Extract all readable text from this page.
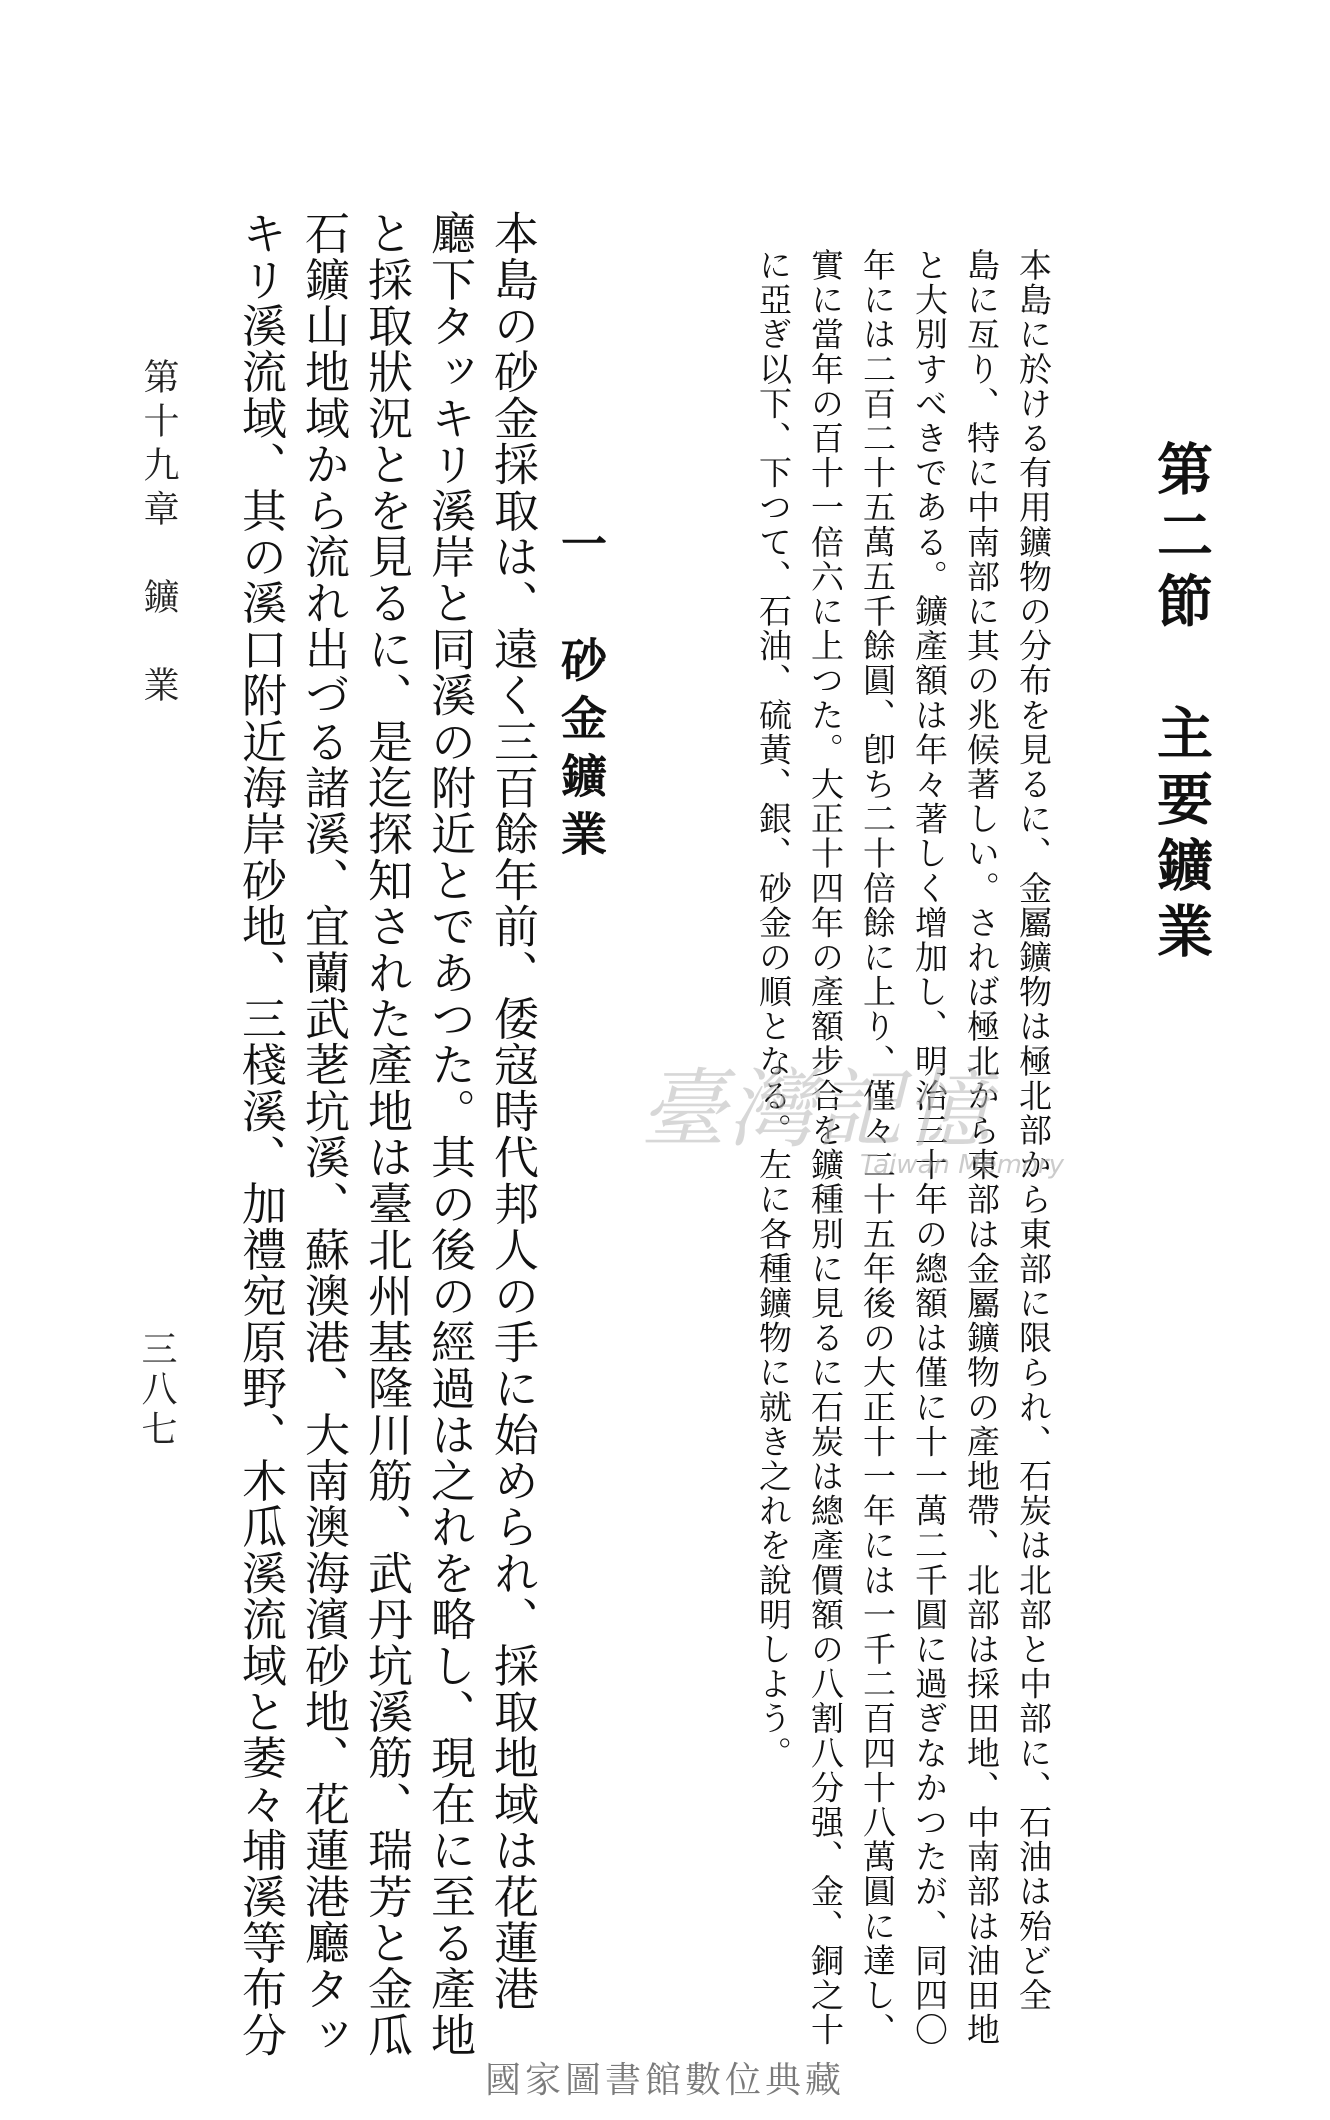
第二節　主要鑛業
本島に於ける有用鑛物の分布を見るに、金屬鑛物は極北部から東部に限られ、石炭は北部と中部に、石油は殆ど全
島に亙り、特に中南部に其の兆候著しい。されば極北から東部は金屬鑛物の產地帶、北部は採田地、中南部は油田地
と大別すべきである。鑛產額は年々著しく增加し、明治三十年の總額は僅に十一萬二千圓に過ぎなかつたが、同四〇
年には二百二十五萬五千餘圓、卽ち二十倍餘に上り、僅々二十五年後の大正十一年には一千二百四十八萬圓に達し、
實に當年の百十一倍六に上つた。大正十四年の產額步合を鑛種別に見るに石炭は總產價額の八割八分强、金、銅之十
に亞ぎ以下、下つて、石油、硫黃、銀、砂金の順となる。左に各種鑛物に就き之れを說明しよう。
一　砂金鑛業
本島の砂金採取は、遠く三百餘年前、倭寇時代邦人の手に始められ、採取地域は花蓮港
廳下タッキリ溪岸と同溪の附近とであつた。其の後の經過は之れを略し、現在に至る產地
と採取狀況とを見るに、是迄探知された產地は臺北州基隆川筋、武丹坑溪筋、瑞芳と金瓜
石鑛山地域から流れ出づる諸溪、宜蘭武荖坑溪、蘇澳港、大南澳海濱砂地、花蓮港廳タッ
キリ溪流域、其の溪口附近海岸砂地、三棧溪、加禮宛原野、木瓜溪流域と萎々埔溪等布分
第十九章　鑛　業
三八七
臺灣記憶
Taiwan Memory
國家圖書館數位典藏
